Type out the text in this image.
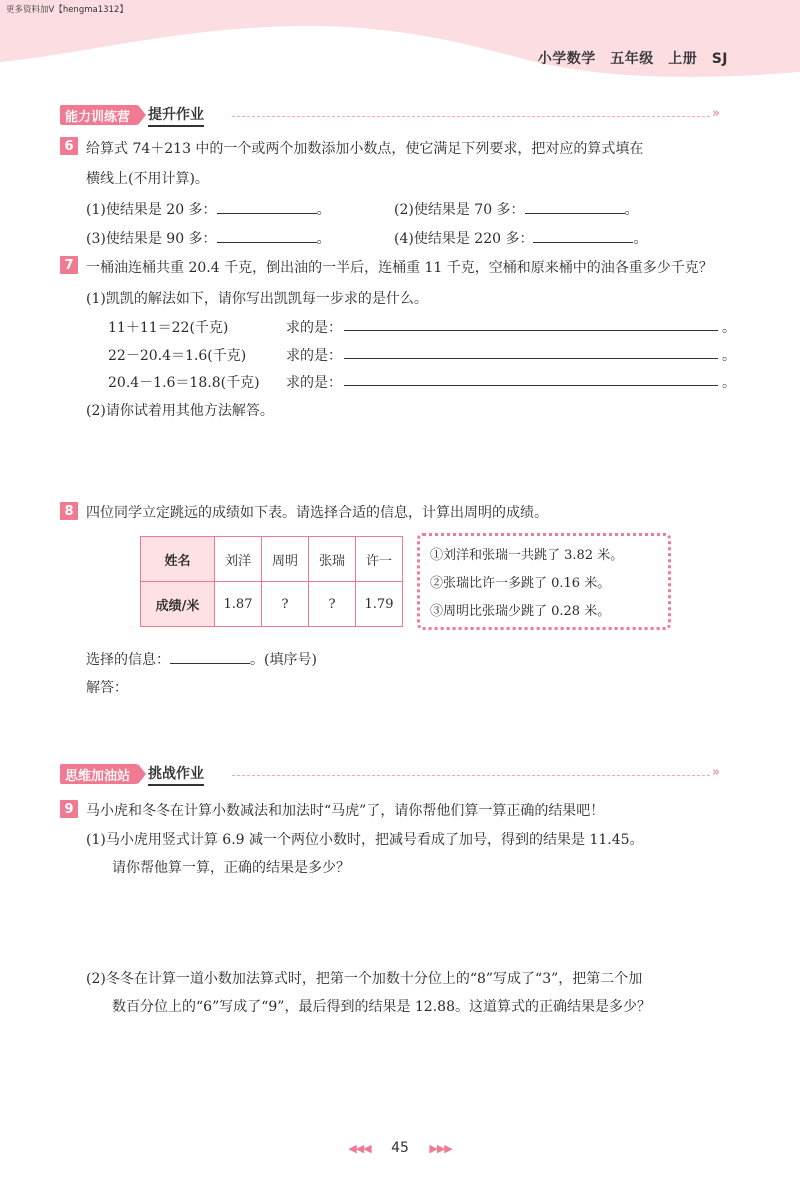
更多资料加V【hengma1312】
小学数学　五年级　上册　SJ
能力训练营	提升作业	»
6 给算式 74＋213 中的一个或两个加数添加小数点，使它满足下列要求，把对应的算式填在
横线上(不用计算)。
(1)使结果是 20 多：	。	(2)使结果是 70 多：	。
(3)使结果是 90 多：	。	(4)使结果是 220 多：	。
7 一桶油连桶共重 20.4 千克，倒出油的一半后，连桶重 11 千克，空桶和原来桶中的油各重多少千克？
(1)凯凯的解法如下，请你写出凯凯每一步求的是什么。
11＋11＝22(千克)	求的是：	。
22－20.4＝1.6(千克)	求的是：	。
20.4－1.6＝18.8(千克) 求的是：	。
(2)请你试着用其他方法解答。
8 四位同学立定跳远的成绩如下表。请选择合适的信息，计算出周明的成绩。
姓名	刘洋	周明	张瑞	许一
成绩/米	1.87	?	?	1.79
①刘洋和张瑞一共跳了 3.82 米。
②张瑞比许一多跳了 0.16 米。
③周明比张瑞少跳了 0.28 米。
选择的信息：	。(填序号)
解答：
思维加油站	挑战作业	»
9 马小虎和冬冬在计算小数减法和加法时“马虎”了，请你帮他们算一算正确的结果吧！
(1)马小虎用竖式计算 6.9 减一个两位小数时，把减号看成了加号，得到的结果是 11.45。
请你帮他算一算，正确的结果是多少？
(2)冬冬在计算一道小数加法算式时，把第一个加数十分位上的“8”写成了“3”，把第二个加
数百分位上的“6”写成了“9”，最后得到的结果是 12.88。这道算式的正确结果是多少？
◀◀◀ 45 ▶▶▶
